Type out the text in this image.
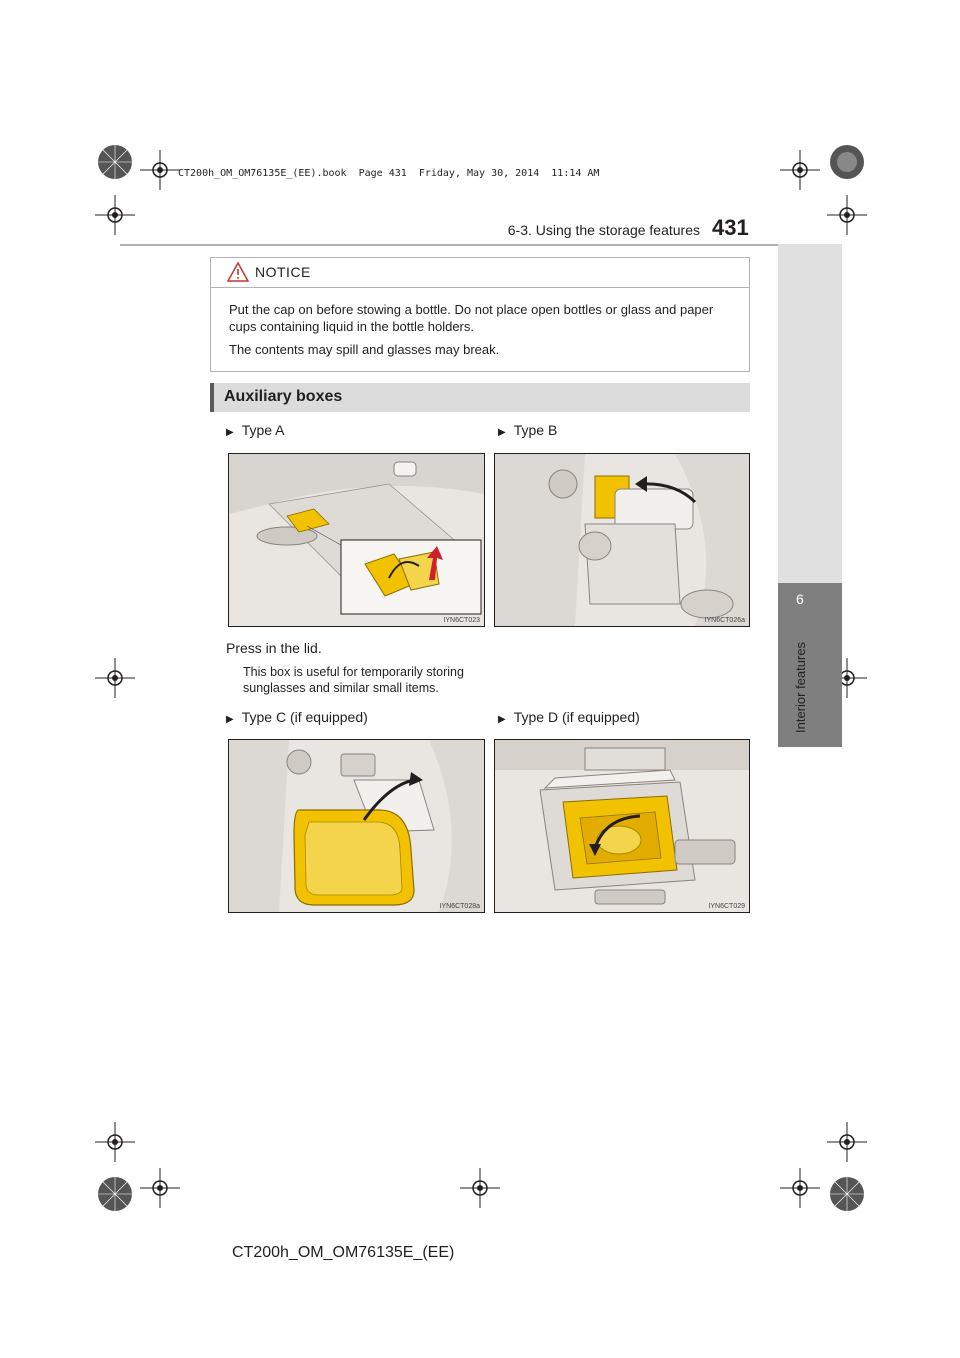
CT200h_OM_OM76135E_(EE).book  Page 431  Friday, May 30, 2014  11:14 AM
6-3. Using the storage features 431
6
Interior features
NOTICE

Put the cap on before stowing a bottle. Do not place open bottles or glass and paper cups containing liquid in the bottle holders.

The contents may spill and glasses may break.

Auxiliary boxes
▶ Type A	▶ Type B
IYN6CT023	IYN6CT026a
Press in the lid.
This box is useful for temporarily storing sunglasses and similar small items.
▶ Type C (if equipped)	▶ Type D (if equipped)
IYN6CT028a	IYN6CT029
CT200h_OM_OM76135E_(EE)
